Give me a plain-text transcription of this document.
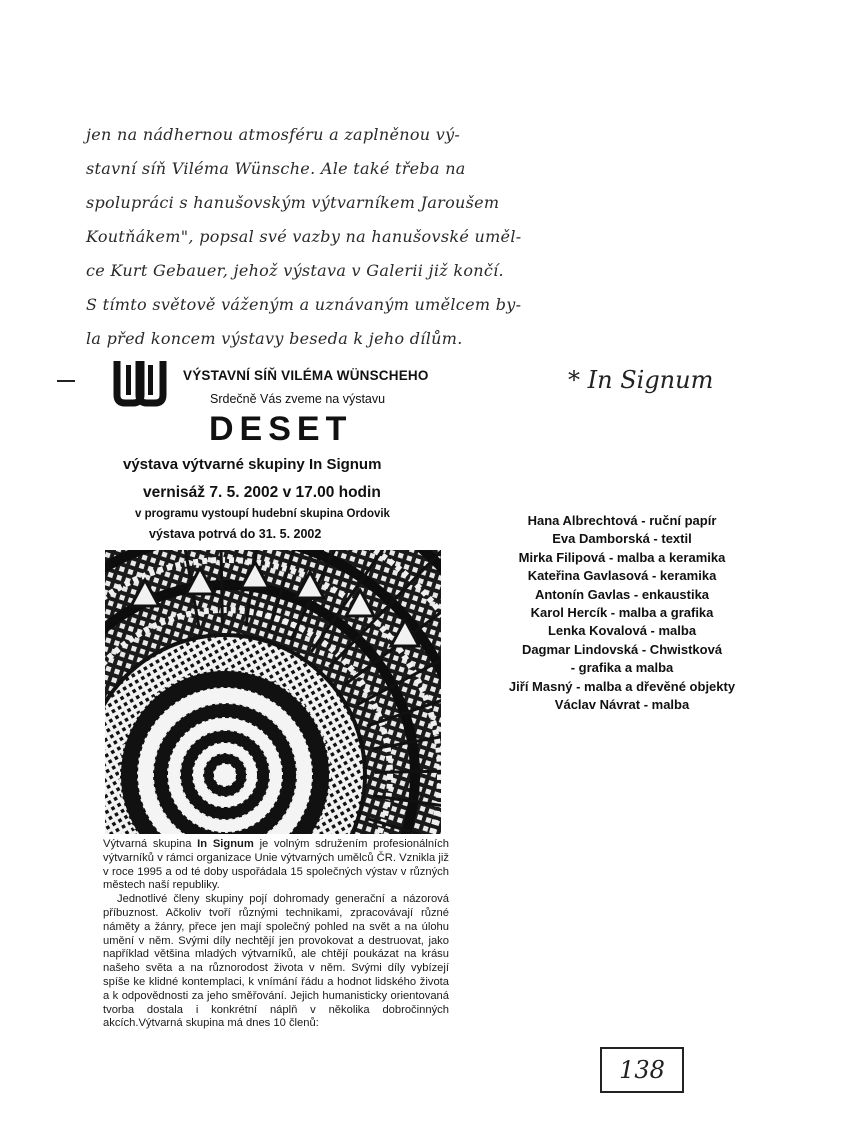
jen na nádhernou atmosféru a zaplněnou vý-
stavní síň Viléma Wünsche. Ale také třeba na
spolupráci s hanušovským výtvarníkem Jaroušem
Koutňákem", popsal své vazby na hanušovské uměl-
ce Kurt Gebauer, jehož výstava v Galerii již končí.
S tímto světově váženým a uznávaným umělcem by-
la před koncem výstavy beseda k jeho dílům.
* In Signum
VÝSTAVNÍ SÍŇ VILÉMA WÜNSCHEHO
Srdečně Vás zveme na výstavu
DESET
výstava výtvarné skupiny In Signum
vernisáž 7. 5. 2002 v 17.00 hodin
v programu vystoupí hudební skupina Ordovik
výstava potrvá do 31. 5. 2002

Výtvarná skupina In Signum je volným sdružením profesionálních výtvarníků v rámci organizace Unie výtvarných umělců ČR. Vznikla již v roce 1995 a od té doby uspořádala 15 společných výstav v různých městech naší republiky.

Jednotlivé členy skupiny pojí dohromady generační a názorová příbuznost. Ačkoliv tvoří různými technikami, zpracovávají různé náměty a žánry, přece jen mají společný pohled na svět a na úlohu umění v něm. Svými díly nechtějí jen provokovat a destruovat, jako například většina mladých výtvarníků, ale chtějí poukázat na krásu našeho světa a na různorodost života v něm. Svými díly vybízejí spíše ke klidné kontemplaci, k vnímání řádu a hodnot lidského života a k odpovědnosti za jeho směřování. Jejich humanisticky orientovaná tvorba dostala i konkrétní náplň v několika dobročinných akcích.Výtvarná skupina má dnes 10 členů:

Hana Albrechtová - ruční papír
Eva Damborská - textil
Mirka Filipová - malba a keramika
Kateřina Gavlasová - keramika
Antonín Gavlas - enkaustika
Karol Hercík - malba a grafika
Lenka Kovalová - malba
Dagmar Lindovská - Chwistková
- grafika a malba
Jiří Masný - malba a dřevěné objekty
Václav Návrat - malba
138
